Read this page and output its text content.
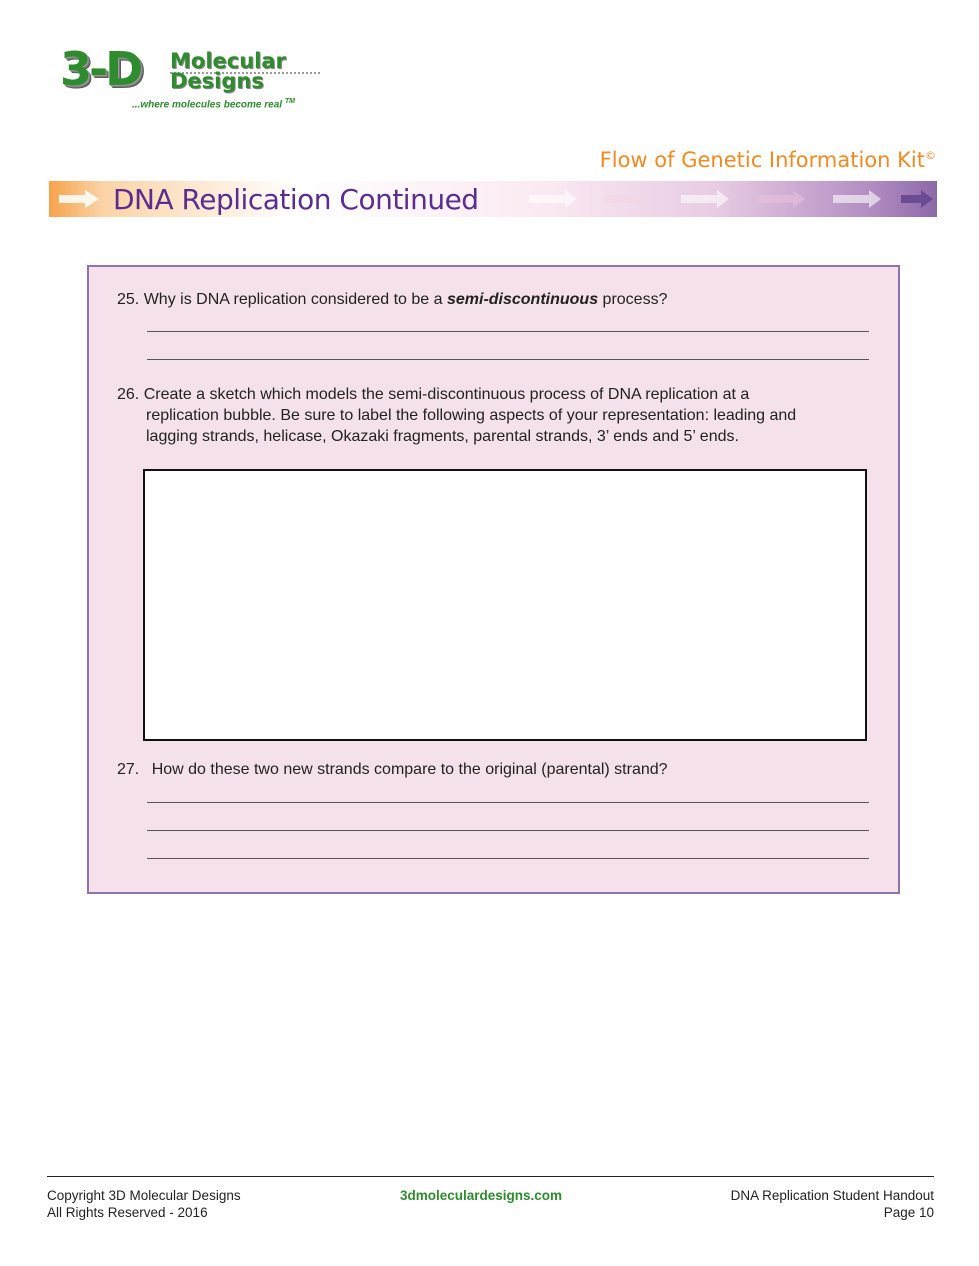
3-D Molecular
Designs
...where molecules become real ™
Flow of Genetic Information Kit©
DNA Replication Continued
25. Why is DNA replication considered to be a semi-discontinuous process?
26. Create a sketch which models the semi-discontinuous process of DNA replication at a
replication bubble. Be sure to label the following aspects of your representation: leading and
lagging strands, helicase, Okazaki fragments, parental strands, 3’ ends and 5’ ends.
27. How do these two new strands compare to the original (parental) strand?
Copyright 3D Molecular Designs
All Rights Reserved - 2016
3dmoleculardesigns.com	DNA Replication Student Handout
Page 10
